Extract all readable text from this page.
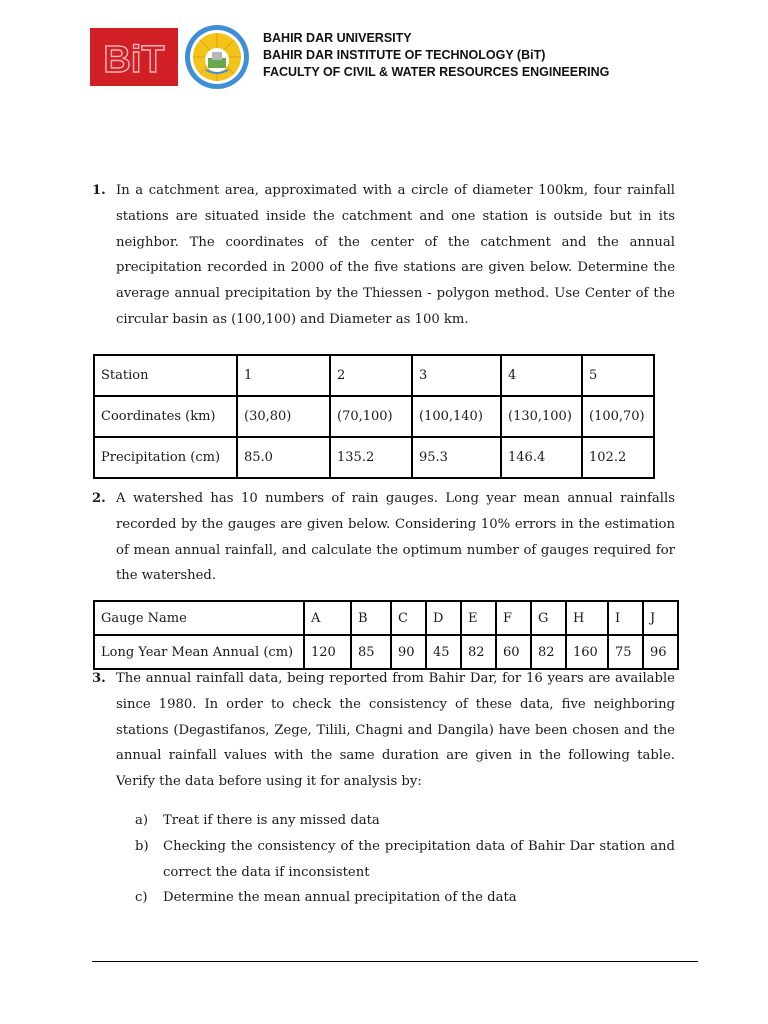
BiT
BAHIR DAR UNIVERSITY
BAHIR DAR INSTITUTE OF TECHNOLOGY (BiT)
FACULTY OF CIVIL & WATER RESOURCES ENGINEERING
1. In a catchment area, approximated with a circle of diameter 100km, four rainfall stations are situated inside the catchment and one station is outside but in its neighbor. The coordinates of the center of the catchment and the annual precipitation recorded in 2000 of the five stations are given below. Determine the average annual precipitation by the Thiessen - polygon method. Use Center of the circular basin as (100,100) and Diameter as 100 km.
Station	1	2	3	4	5
Coordinates (km)	(30,80)	(70,100)	(100,140)	(130,100)	(100,70)
Precipitation (cm)	85.0	135.2	95.3	146.4	102.2
2. A watershed has 10 numbers of rain gauges. Long year mean annual rainfalls recorded by the gauges are given below. Considering 10% errors in the estimation of mean annual rainfall, and calculate the optimum number of gauges required for the watershed.
Gauge Name	A	B	C	D	E	F	G	H	I	J
Long Year Mean Annual (cm)	120	85	90	45	82	60	82	160	75	96
3. The annual rainfall data, being reported from Bahir Dar, for 16 years are available since 1980. In order to check the consistency of these data, five neighboring stations (Degastifanos, Zege, Tilili, Chagni and Dangila) have been chosen and the annual rainfall values with the same duration are given in the following table. Verify the data before using it for analysis by:
a) Treat if there is any missed data
b) Checking the consistency of the precipitation data of Bahir Dar station and correct the data if inconsistent
c) Determine the mean annual precipitation of the data
